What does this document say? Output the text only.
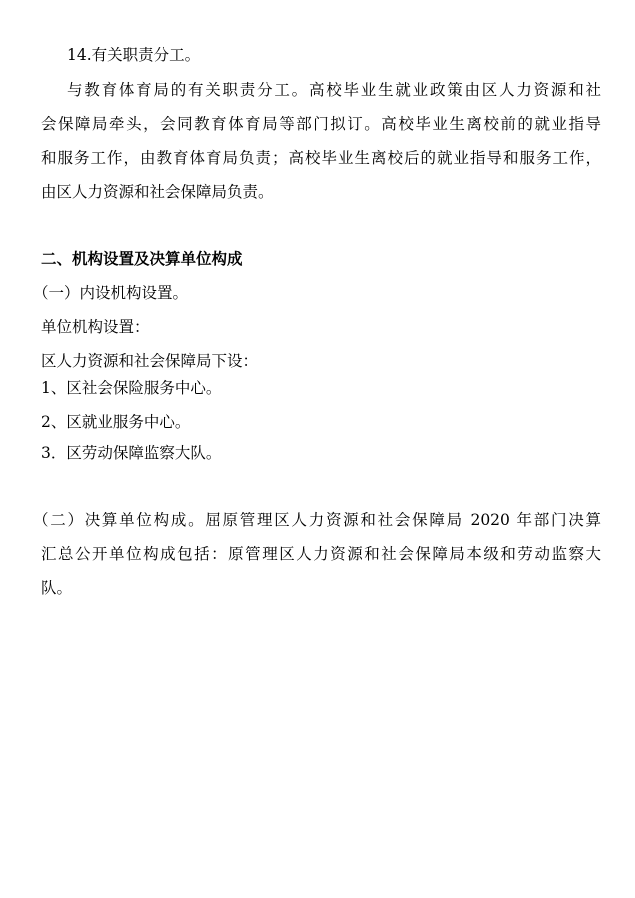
14.有关职责分工。
与教育体育局的有关职责分工。高校毕业生就业政策由区人力资源和社
会保障局牵头，会同教育体育局等部门拟订。高校毕业生离校前的就业指导
和服务工作，由教育体育局负责；高校毕业生离校后的就业指导和服务工作，
由区人力资源和社会保障局负责。
二、机构设置及决算单位构成
（一）内设机构设置。
单位机构设置：
区人力资源和社会保障局下设：
1、区社会保险服务中心。
2、区就业服务中心。
3．区劳动保障监察大队。
（二）决算单位构成。屈原管理区人力资源和社会保障局 2020 年部门决算
汇总公开单位构成包括：原管理区人力资源和社会保障局本级和劳动监察大
队。
